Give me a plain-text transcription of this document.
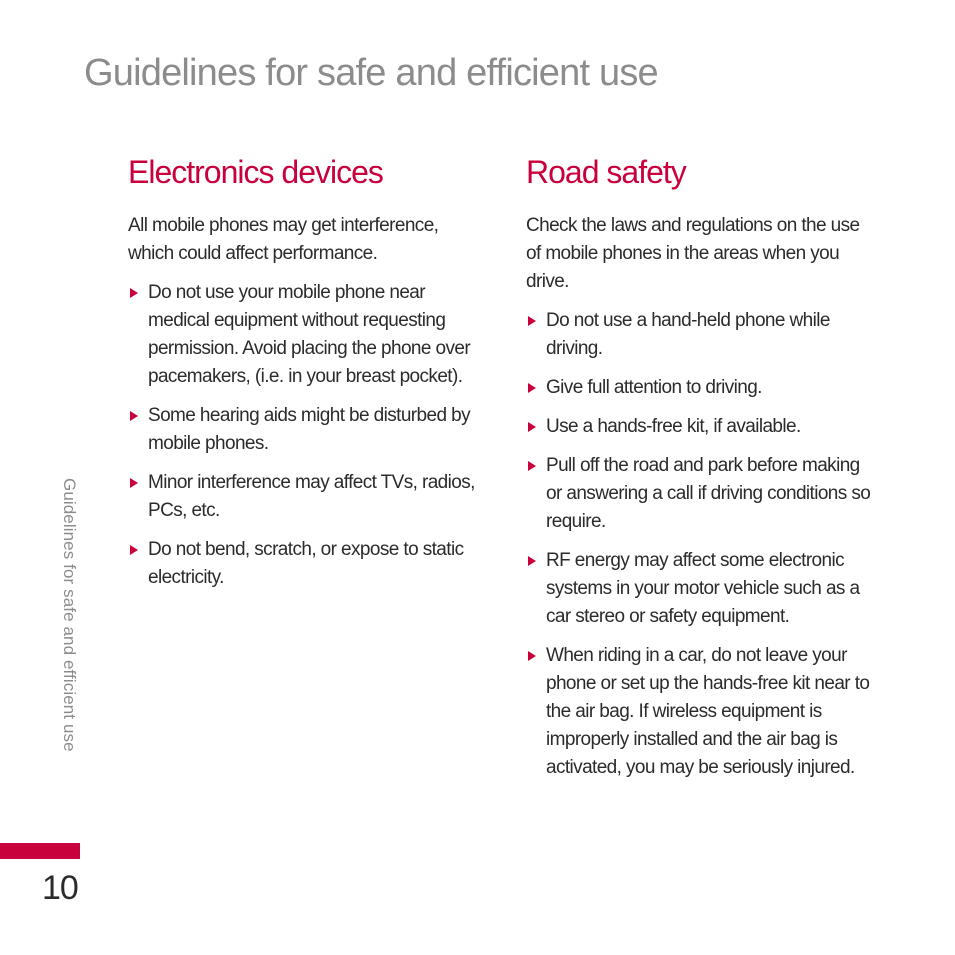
Guidelines for safe and efficient use
Electronics devices

All mobile phones may get interference, which could affect performance.

Do not use your mobile phone near medical equipment without requesting permission. Avoid placing the phone over pacemakers, (i.e. in your breast pocket).
Some hearing aids might be disturbed by mobile phones.
Minor interference may affect TVs, radios, PCs, etc.
Do not bend, scratch, or expose to static electricity.
Road safety

Check the laws and regulations on the use of mobile phones in the areas when you drive.

Do not use a hand-held phone while driving.
Give full attention to driving.
Use a hands-free kit, if available.
Pull off the road and park before making or answering a call if driving conditions so require.
RF energy may affect some electronic systems in your motor vehicle such as a car stereo or safety equipment.
When riding in a car, do not leave your phone or set up the hands-free kit near to the air bag. If wireless equipment is improperly installed and the air bag is activated, you may be seriously injured.
Guidelines for safe and efficient use
10
